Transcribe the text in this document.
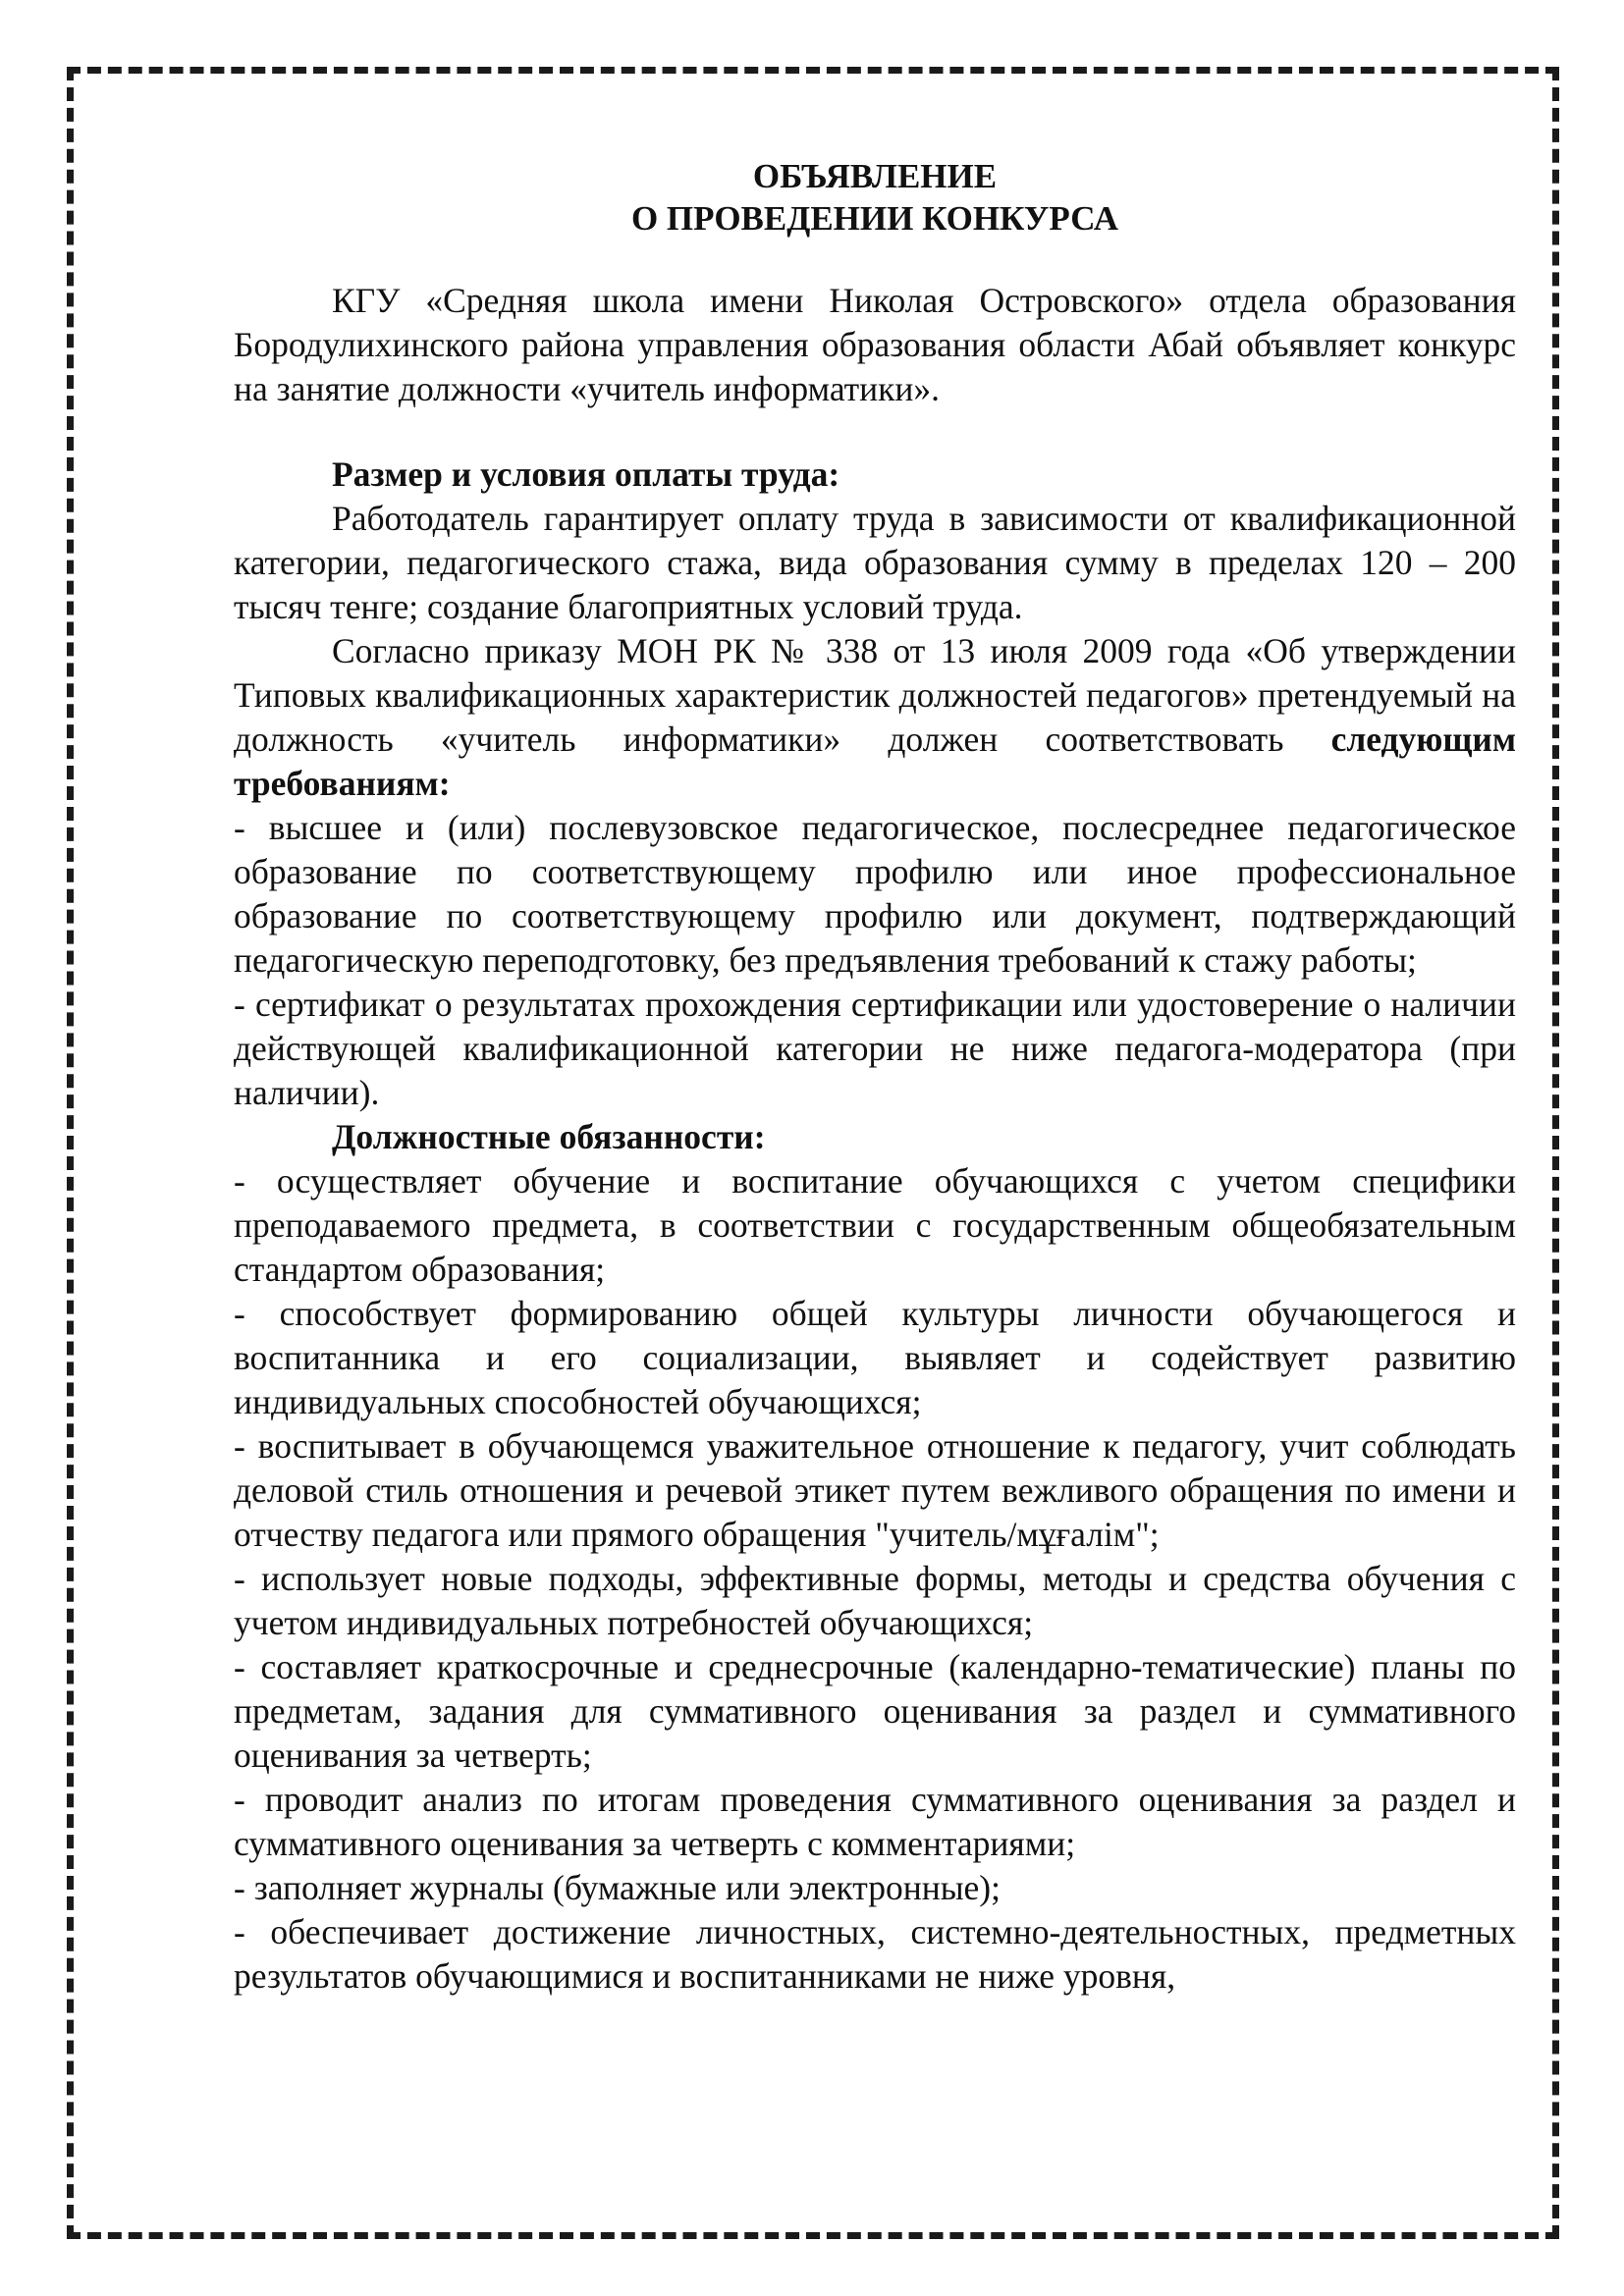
ОБЪЯВЛЕНИЕ
О ПРОВЕДЕНИИ КОНКУРСА

КГУ «Средняя школа имени Николая Островского» отдела образования Бородулихинского района управления образования области Абай объявляет конкурс на занятие должности «учитель информатики».

Размер и условия оплаты труда:

Работодатель гарантирует оплату труда в зависимости от квалификационной категории, педагогического стажа, вида образования сумму в пределах 120 – 200 тысяч тенге; создание благоприятных условий труда.

Согласно приказу МОН РК № 338 от 13 июля 2009 года «Об утверждении Типовых квалификационных характеристик должностей педагогов» претендуемый на должность «учитель информатики» должен соответствовать следующим требованиям:

- высшее и (или) послевузовское педагогическое, послесреднее педагогическое образование по соответствующему профилю или иное профессиональное образование по соответствующему профилю или документ, подтверждающий педагогическую переподготовку, без предъявления требований к стажу работы;

- сертификат о результатах прохождения сертификации или удостоверение о наличии действующей квалификационной категории не ниже педагога-модератора (при наличии).

Должностные обязанности:

- осуществляет обучение и воспитание обучающихся с учетом специфики преподаваемого предмета, в соответствии с государственным общеобязательным стандартом образования;

- способствует формированию общей культуры личности обучающегося и воспитанника и его социализации, выявляет и содействует развитию индивидуальных способностей обучающихся;

- воспитывает в обучающемся уважительное отношение к педагогу, учит соблюдать деловой стиль отношения и речевой этикет путем вежливого обращения по имени и отчеству педагога или прямого обращения "учитель/мұғалім";

- использует новые подходы, эффективные формы, методы и средства обучения с учетом индивидуальных потребностей обучающихся;

- составляет краткосрочные и среднесрочные (календарно-тематические) планы по предметам, задания для суммативного оценивания за раздел и суммативного оценивания за четверть;

- проводит анализ по итогам проведения суммативного оценивания за раздел и суммативного оценивания за четверть с комментариями;

- заполняет журналы (бумажные или электронные);

- обеспечивает достижение личностных, системно-деятельностных, предметных результатов обучающимися и воспитанниками не ниже уровня,
